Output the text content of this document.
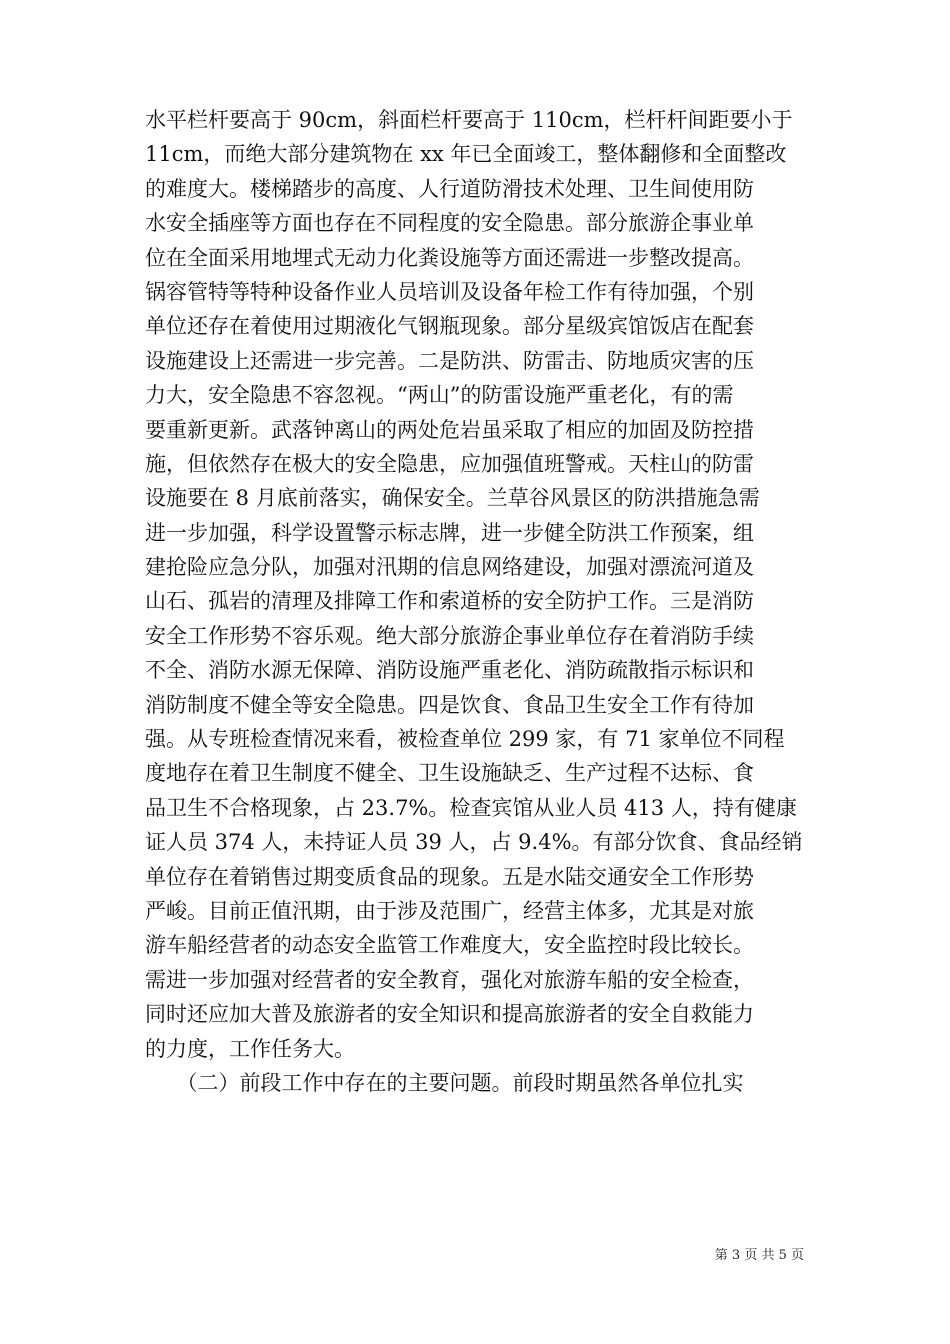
水平栏杆要高于 90cm，斜面栏杆要高于 110cm，栏杆杆间距要小于
11cm，而绝大部分建筑物在 xx 年已全面竣工，整体翻修和全面整改
的难度大。楼梯踏步的高度、人行道防滑技术处理、卫生间使用防
水安全插座等方面也存在不同程度的安全隐患。部分旅游企事业单
位在全面采用地埋式无动力化粪设施等方面还需进一步整改提高。
锅容管特等特种设备作业人员培训及设备年检工作有待加强，个别
单位还存在着使用过期液化气钢瓶现象。部分星级宾馆饭店在配套
设施建设上还需进一步完善。二是防洪、防雷击、防地质灾害的压
力大，安全隐患不容忽视。“两山”的防雷设施严重老化，有的需
要重新更新。武落钟离山的两处危岩虽采取了相应的加固及防控措
施，但依然存在极大的安全隐患，应加强值班警戒。天柱山的防雷
设施要在 8 月底前落实，确保安全。兰草谷风景区的防洪措施急需
进一步加强，科学设置警示标志牌，进一步健全防洪工作预案，组
建抢险应急分队，加强对汛期的信息网络建设，加强对漂流河道及
山石、孤岩的清理及排障工作和索道桥的安全防护工作。三是消防
安全工作形势不容乐观。绝大部分旅游企事业单位存在着消防手续
不全、消防水源无保障、消防设施严重老化、消防疏散指示标识和
消防制度不健全等安全隐患。四是饮食、食品卫生安全工作有待加
强。从专班检查情况来看，被检查单位 299 家，有 71 家单位不同程
度地存在着卫生制度不健全、卫生设施缺乏、生产过程不达标、食
品卫生不合格现象，占 23.7%。检查宾馆从业人员 413 人，持有健康
证人员 374 人，未持证人员 39 人，占 9.4%。有部分饮食、食品经销
单位存在着销售过期变质食品的现象。五是水陆交通安全工作形势
严峻。目前正值汛期，由于涉及范围广，经营主体多，尤其是对旅
游车船经营者的动态安全监管工作难度大，安全监控时段比较长。
需进一步加强对经营者的安全教育，强化对旅游车船的安全检查，
同时还应加大普及旅游者的安全知识和提高旅游者的安全自救能力
的力度，工作任务大。
　　（二）前段工作中存在的主要问题。前段时期虽然各单位扎实
第 3 页 共 5 页
